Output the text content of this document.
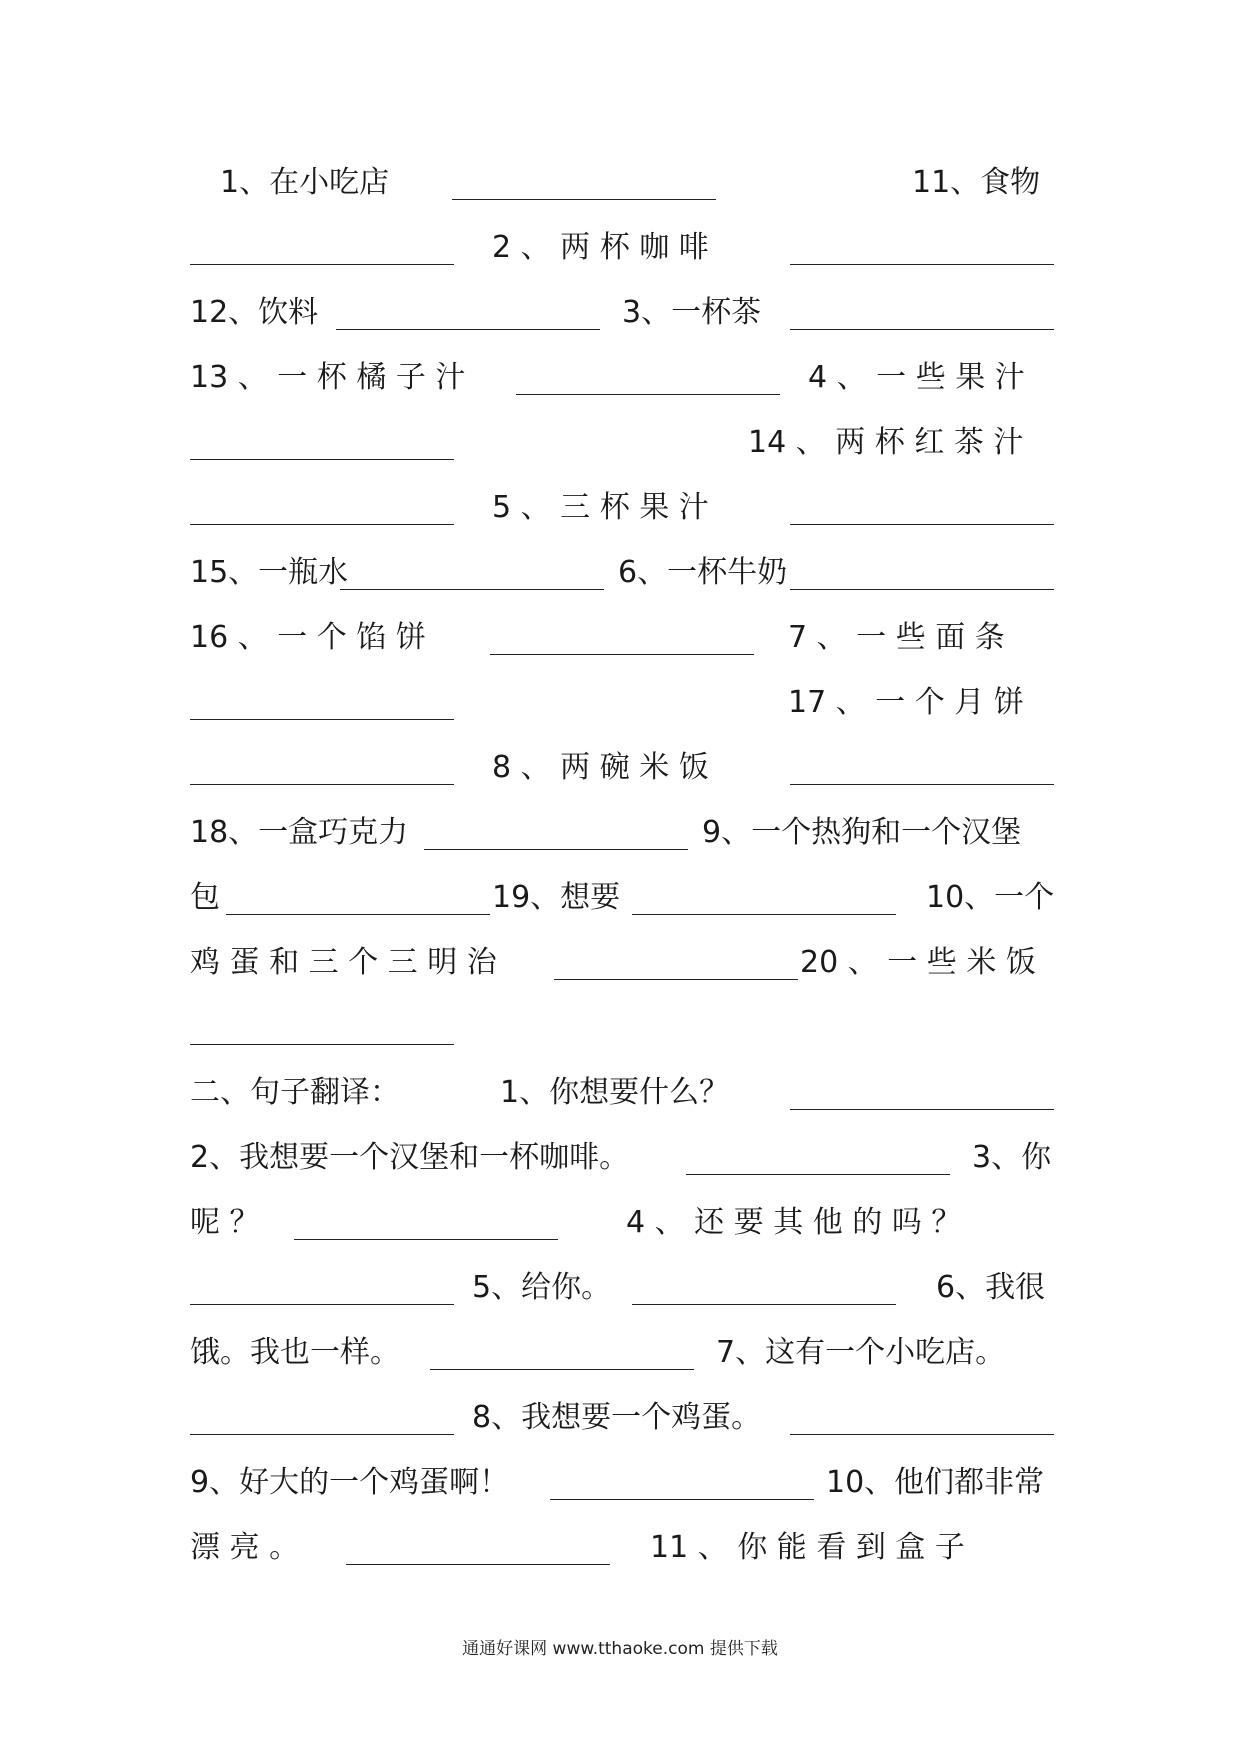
1、在小吃店	11、食物
2 、 两 杯 咖 啡
12、饮料	3、一杯茶
13 、 一 杯 橘 子 汁	4 、 一 些 果 汁
14 、 两 杯 红 茶 汁
5 、 三 杯 果 汁
15、一瓶水	6、一杯牛奶
16 、 一 个 馅 饼	7 、 一 些 面 条
17 、 一 个 月 饼
8 、 两 碗 米 饭
18、一盒巧克力	9、一个热狗和一个汉堡
包	19、想要	10、一个
鸡 蛋 和 三 个 三 明 治	20 、 一 些 米 饭
二、句子翻译：	1、你想要什么？
2、我想要一个汉堡和一杯咖啡。	3、你
呢 ？	4 、 还 要 其 他 的 吗 ？
5、给你。	6、我很
饿。我也一样。	7、这有一个小吃店。
8、我想要一个鸡蛋。
9、好大的一个鸡蛋啊！	10、他们都非常
漂 亮 。	11 、 你 能 看 到 盒 子
通通好课网 www.tthaoke.com 提供下载
